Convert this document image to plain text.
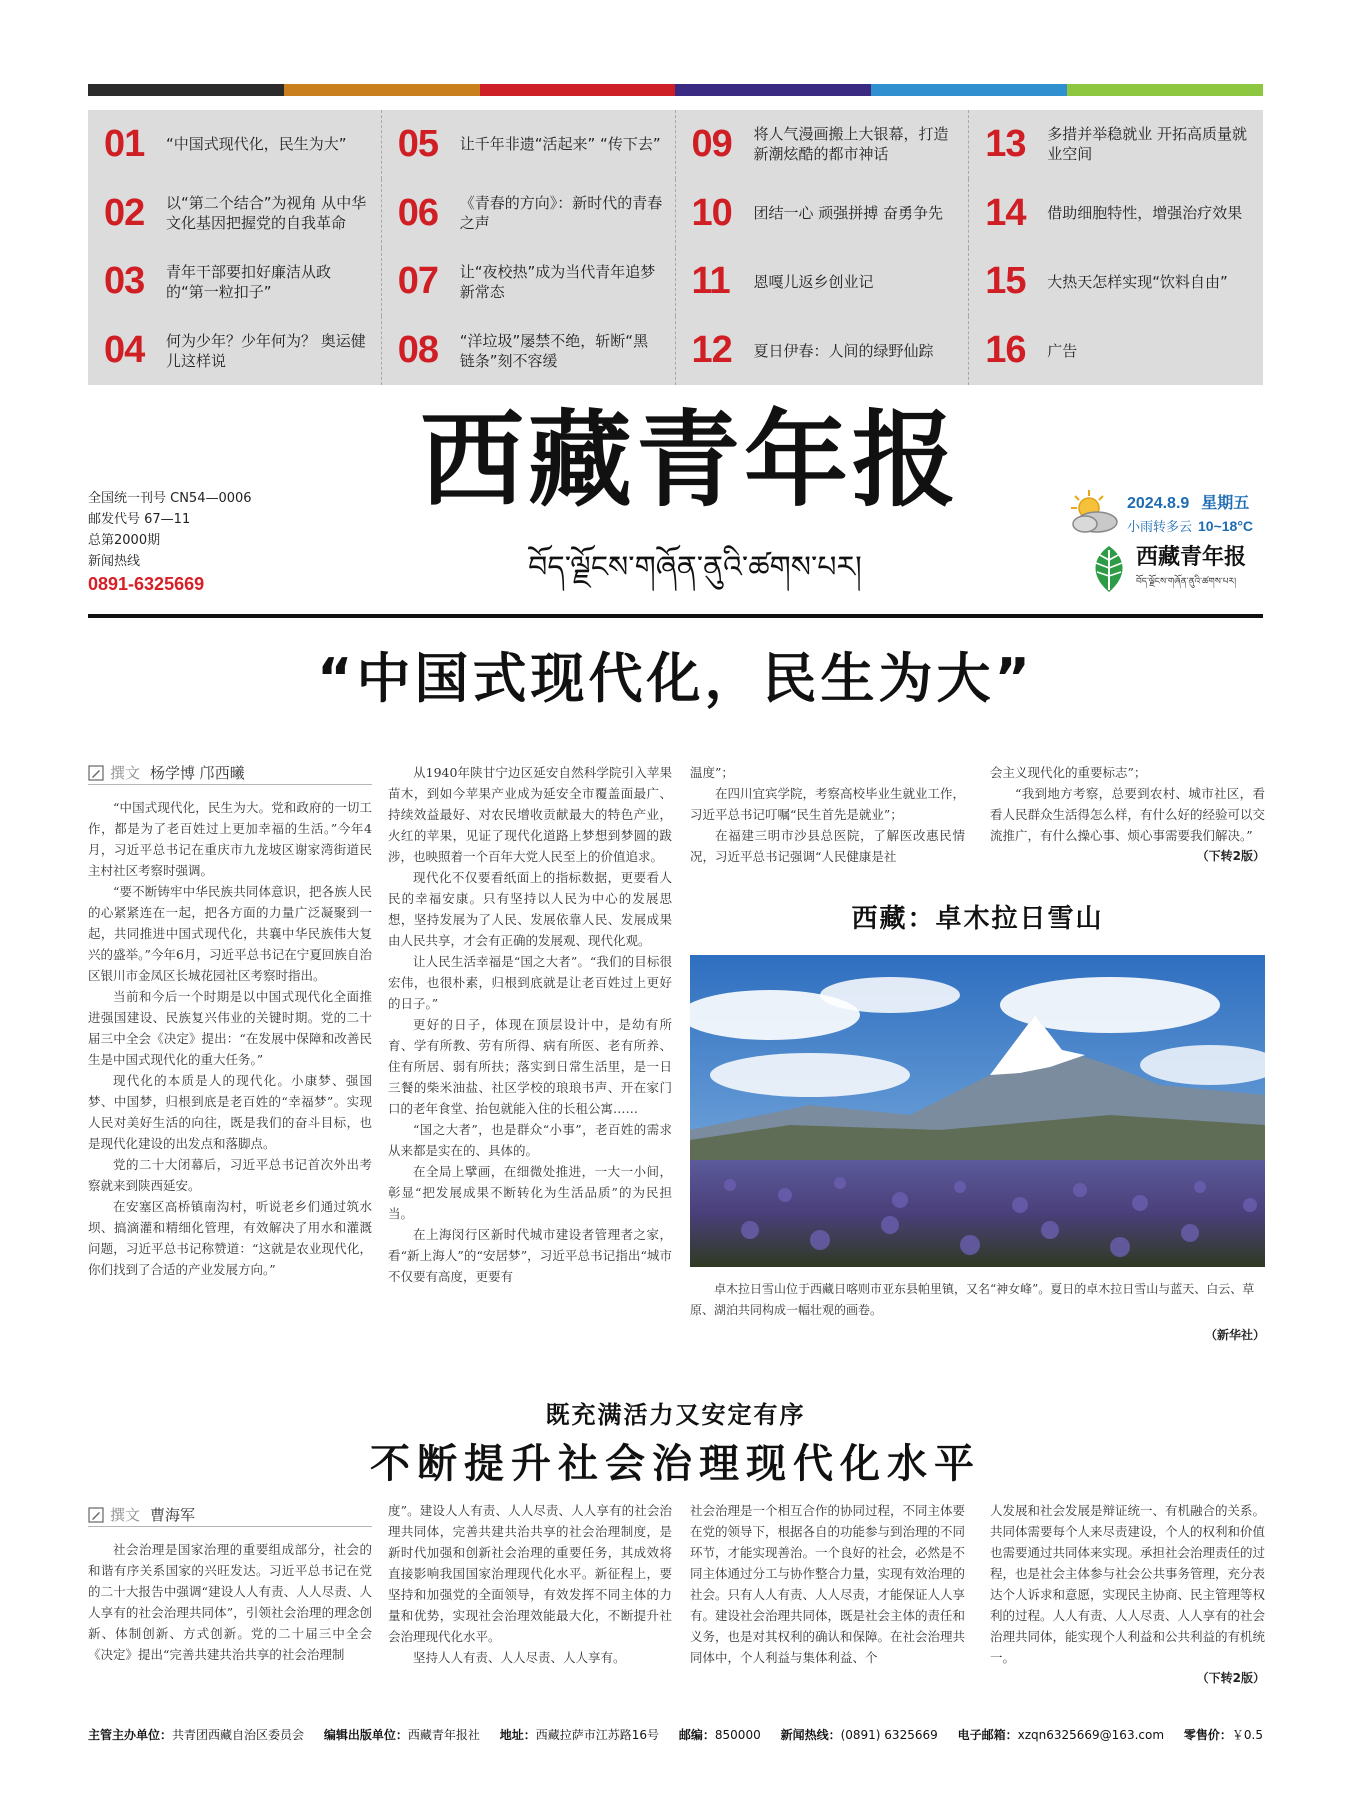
01	“中国式现代化，民生为大” 05	让千年非遗“活起来” “传下去” 09	将人气漫画搬上大银幕，打造新潮炫酷的都市神话	13	多措并举稳就业 开拓高质量就业空间
02	以“第二个结合”为视角 从中华文化基因把握党的自我革命	06	《青春的方向》：新时代的青春之声	10	团结一心 顽强拼搏 奋勇争先 14	借助细胞特性，增强治疗效果
03	青年干部要扣好廉洁从政的“第一粒扣子”	07	让“夜校热”成为当代青年追梦新常态	11	恩嘎儿返乡创业记	15	大热天怎样实现“饮料自由”
04	何为少年？少年何为？ 奥运健儿这样说	08	“洋垃圾”屡禁不绝，斩断“黑链条”刻不容缓	12	夏日伊春：人间的绿野仙踪 16	广告
全国统一刊号 CN54—0006
邮发代号 67—11
总第2000期
新闻热线
0891-6325669
西藏青年报
བོད་ལྗོངས་གཞོན་ནུའི་ཚགས་པར།
2024.8.9 星期五
小雨转多云 10~18°C
西藏青年报
བོད་ལྗོངས་གཞོན་ནུའི་ཚགས་པར།
“中国式现代化，民生为大”
撰文 杨学博 邝西曦

“中国式现代化，民生为大。党和政府的一切工作，都是为了老百姓过上更加幸福的生活。”今年4月，习近平总书记在重庆市九龙坡区谢家湾街道民主村社区考察时强调。

“要不断铸牢中华民族共同体意识，把各族人民的心紧紧连在一起，把各方面的力量广泛凝聚到一起，共同推进中国式现代化，共襄中华民族伟大复兴的盛举。”今年6月，习近平总书记在宁夏回族自治区银川市金凤区长城花园社区考察时指出。

当前和今后一个时期是以中国式现代化全面推进强国建设、民族复兴伟业的关键时期。党的二十届三中全会《决定》提出：“在发展中保障和改善民生是中国式现代化的重大任务。”

现代化的本质是人的现代化。小康梦、强国梦、中国梦，归根到底是老百姓的“幸福梦”。实现人民对美好生活的向往，既是我们的奋斗目标，也是现代化建设的出发点和落脚点。

党的二十大闭幕后，习近平总书记首次外出考察就来到陕西延安。

在安塞区高桥镇南沟村，听说老乡们通过筑水坝、搞滴灌和精细化管理，有效解决了用水和灌溉问题，习近平总书记称赞道：“这就是农业现代化，你们找到了合适的产业发展方向。”

从1940年陕甘宁边区延安自然科学院引入苹果苗木，到如今苹果产业成为延安全市覆盖面最广、持续效益最好、对农民增收贡献最大的特色产业，火红的苹果，见证了现代化道路上梦想到梦圆的跋涉，也映照着一个百年大党人民至上的价值追求。

现代化不仅要看纸面上的指标数据，更要看人民的幸福安康。只有坚持以人民为中心的发展思想，坚持发展为了人民、发展依靠人民、发展成果由人民共享，才会有正确的发展观、现代化观。

让人民生活幸福是“国之大者”。“我们的目标很宏伟，也很朴素，归根到底就是让老百姓过上更好的日子。”

更好的日子，体现在顶层设计中，是幼有所育、学有所教、劳有所得、病有所医、老有所养、住有所居、弱有所扶；落实到日常生活里，是一日三餐的柴米油盐、社区学校的琅琅书声、开在家门口的老年食堂、抬包就能入住的长租公寓……

“国之大者”，也是群众“小事”，老百姓的需求从来都是实在的、具体的。

在全局上擘画，在细微处推进，一大一小间，彰显“把发展成果不断转化为生活品质”的为民担当。

在上海闵行区新时代城市建设者管理者之家，看“新上海人”的“安居梦”，习近平总书记指出“城市不仅要有高度，更要有

温度”；

在四川宜宾学院，考察高校毕业生就业工作，习近平总书记叮嘱“民生首先是就业”；

在福建三明市沙县总医院，了解医改惠民情况，习近平总书记强调“人民健康是社

会主义现代化的重要标志”；

“我到地方考察，总要到农村、城市社区，看看人民群众生活得怎么样，有什么好的经验可以交流推广，有什么操心事、烦心事需要我们解决。”

（下转2版）
西藏：卓木拉日雪山
卓木拉日雪山位于西藏日喀则市亚东县帕里镇，又名“神女峰”。夏日的卓木拉日雪山与蓝天、白云、草原、湖泊共同构成一幅壮观的画卷。
（新华社）
既充满活力又安定有序
不断提升社会治理现代化水平
撰文 曹海军

社会治理是国家治理的重要组成部分，社会的和谐有序关系国家的兴旺发达。习近平总书记在党的二十大报告中强调“建设人人有责、人人尽责、人人享有的社会治理共同体”，引领社会治理的理念创新、体制创新、方式创新。党的二十届三中全会《决定》提出“完善共建共治共享的社会治理制

度”。建设人人有责、人人尽责、人人享有的社会治理共同体，完善共建共治共享的社会治理制度，是新时代加强和创新社会治理的重要任务，其成效将直接影响我国国家治理现代化水平。新征程上，要坚持和加强党的全面领导，有效发挥不同主体的力量和优势，实现社会治理效能最大化，不断提升社会治理现代化水平。

坚持人人有责、人人尽责、人人享有。

社会治理是一个相互合作的协同过程，不同主体要在党的领导下，根据各自的功能参与到治理的不同环节，才能实现善治。一个良好的社会，必然是不同主体通过分工与协作整合力量，实现有效治理的社会。只有人人有责、人人尽责，才能保证人人享有。建设社会治理共同体，既是社会主体的责任和义务，也是对其权利的确认和保障。在社会治理共同体中，个人利益与集体利益、个

人发展和社会发展是辩证统一、有机融合的关系。共同体需要每个人来尽责建设，个人的权利和价值也需要通过共同体来实现。承担社会治理责任的过程，也是社会主体参与社会公共事务管理，充分表达个人诉求和意愿，实现民主协商、民主管理等权利的过程。人人有责、人人尽责、人人享有的社会治理共同体，能实现个人利益和公共利益的有机统一。

（下转2版）
主管主办单位：共青团西藏自治区委员会 编辑出版单位：西藏青年报社 地址：西藏拉萨市江苏路16号 邮编：850000 新闻热线：(0891) 6325669 电子邮箱：xzqn6325669@163.com 零售价：￥0.5
